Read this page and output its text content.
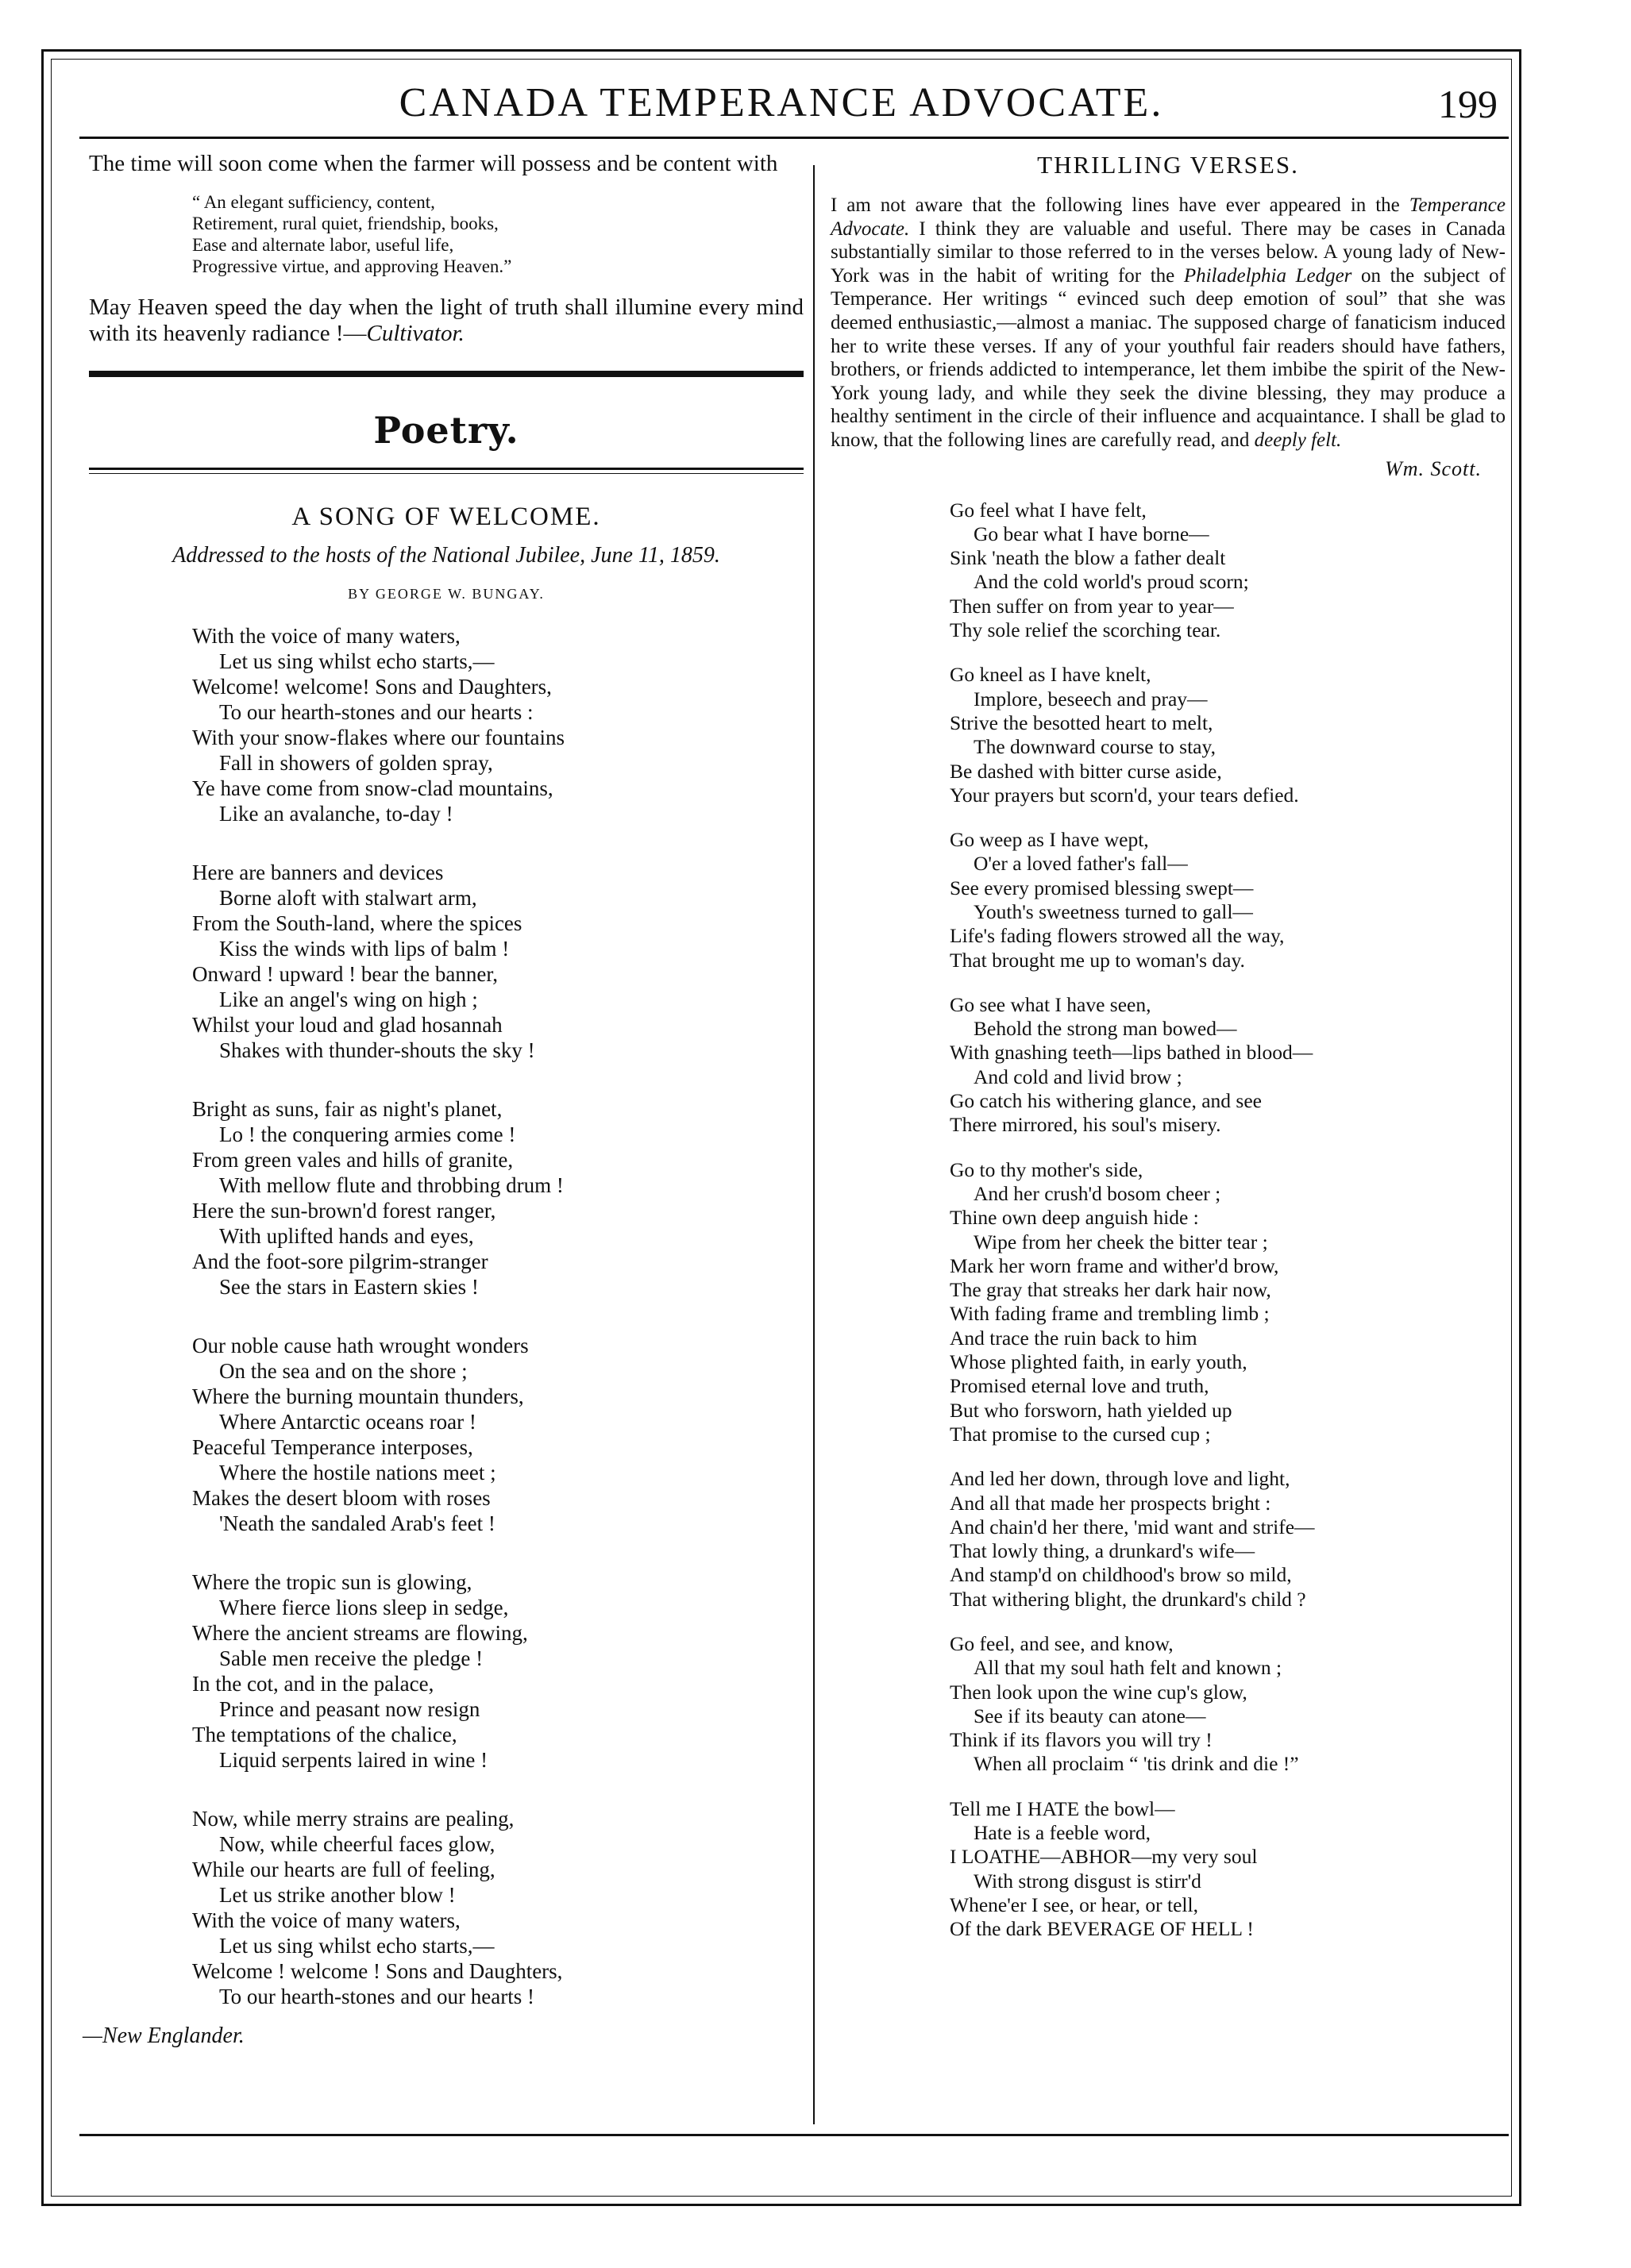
CANADA TEMPERANCE ADVOCATE.	199

The time will soon come when the farmer will possess and be content with

“ An elegant sufficiency, content,
Retirement, rural quiet, friendship, books,
Ease and alternate labor, useful life,
Progressive virtue, and approving Heaven.”

May Heaven speed the day when the light of truth shall illumine every mind with its heavenly radiance !—Cultivator.

Poetry.
A SONG OF WELCOME.
Addressed to the hosts of the National Jubilee, June 11, 1859.
BY GEORGE W. BUNGAY.
With the voice of many waters,
Let us sing whilst echo starts,—
Welcome! welcome! Sons and Daughters,
To our hearth-stones and our hearts :
With your snow-flakes where our fountains
Fall in showers of golden spray,
Ye have come from snow-clad mountains,
Like an avalanche, to-day !
Here are banners and devices
Borne aloft with stalwart arm,
From the South-land, where the spices
Kiss the winds with lips of balm !
Onward ! upward ! bear the banner,
Like an angel's wing on high ;
Whilst your loud and glad hosannah
Shakes with thunder-shouts the sky !
Bright as suns, fair as night's planet,
Lo ! the conquering armies come !
From green vales and hills of granite,
With mellow flute and throbbing drum !
Here the sun-brown'd forest ranger,
With uplifted hands and eyes,
And the foot-sore pilgrim-stranger
See the stars in Eastern skies !
Our noble cause hath wrought wonders
On the sea and on the shore ;
Where the burning mountain thunders,
Where Antarctic oceans roar !
Peaceful Temperance interposes,
Where the hostile nations meet ;
Makes the desert bloom with roses
'Neath the sandaled Arab's feet !
Where the tropic sun is glowing,
Where fierce lions sleep in sedge,
Where the ancient streams are flowing,
Sable men receive the pledge !
In the cot, and in the palace,
Prince and peasant now resign
The temptations of the chalice,
Liquid serpents laired in wine !
Now, while merry strains are pealing,
Now, while cheerful faces glow,
While our hearts are full of feeling,
Let us strike another blow !
With the voice of many waters,
Let us sing whilst echo starts,—
Welcome ! welcome ! Sons and Daughters,
To our hearth-stones and our hearts !
—New Englander.
THRILLING VERSES.

I am not aware that the following lines have ever appeared in the Temperance Advocate. I think they are valuable and useful. There may be cases in Canada substantially similar to those referred to in the verses below. A young lady of New-York was in the habit of writing for the Philadelphia Ledger on the subject of Temperance. Her writings “ evinced such deep emotion of soul” that she was deemed enthusiastic,—almost a maniac. The supposed charge of fanaticism induced her to write these verses. If any of your youthful fair readers should have fathers, brothers, or friends addicted to intemperance, let them imbibe the spirit of the New-York young lady, and while they seek the divine blessing, they may produce a healthy sentiment in the circle of their influence and acquaintance. I shall be glad to know, that the following lines are carefully read, and deeply felt.

Wm. Scott.
Go feel what I have felt,
Go bear what I have borne—
Sink 'neath the blow a father dealt
And the cold world's proud scorn;
Then suffer on from year to year—
Thy sole relief the scorching tear.
Go kneel as I have knelt,
Implore, beseech and pray—
Strive the besotted heart to melt,
The downward course to stay,
Be dashed with bitter curse aside,
Your prayers but scorn'd, your tears defied.
Go weep as I have wept,
O'er a loved father's fall—
See every promised blessing swept—
Youth's sweetness turned to gall—
Life's fading flowers strowed all the way,
That brought me up to woman's day.
Go see what I have seen,
Behold the strong man bowed—
With gnashing teeth—lips bathed in blood—
And cold and livid brow ;
Go catch his withering glance, and see
There mirrored, his soul's misery.
Go to thy mother's side,
And her crush'd bosom cheer ;
Thine own deep anguish hide :
Wipe from her cheek the bitter tear ;
Mark her worn frame and wither'd brow,
The gray that streaks her dark hair now,
With fading frame and trembling limb ;
And trace the ruin back to him
Whose plighted faith, in early youth,
Promised eternal love and truth,
But who forsworn, hath yielded up
That promise to the cursed cup ;
And led her down, through love and light,
And all that made her prospects bright :
And chain'd her there, 'mid want and strife—
That lowly thing, a drunkard's wife—
And stamp'd on childhood's brow so mild,
That withering blight, the drunkard's child ?
Go feel, and see, and know,
All that my soul hath felt and known ;
Then look upon the wine cup's glow,
See if its beauty can atone—
Think if its flavors you will try !
When all proclaim “ 'tis drink and die !”
Tell me I HATE the bowl—
Hate is a feeble word,
I LOATHE—ABHOR—my very soul
With strong disgust is stirr'd
Whene'er I see, or hear, or tell,
Of the dark BEVERAGE OF HELL !
